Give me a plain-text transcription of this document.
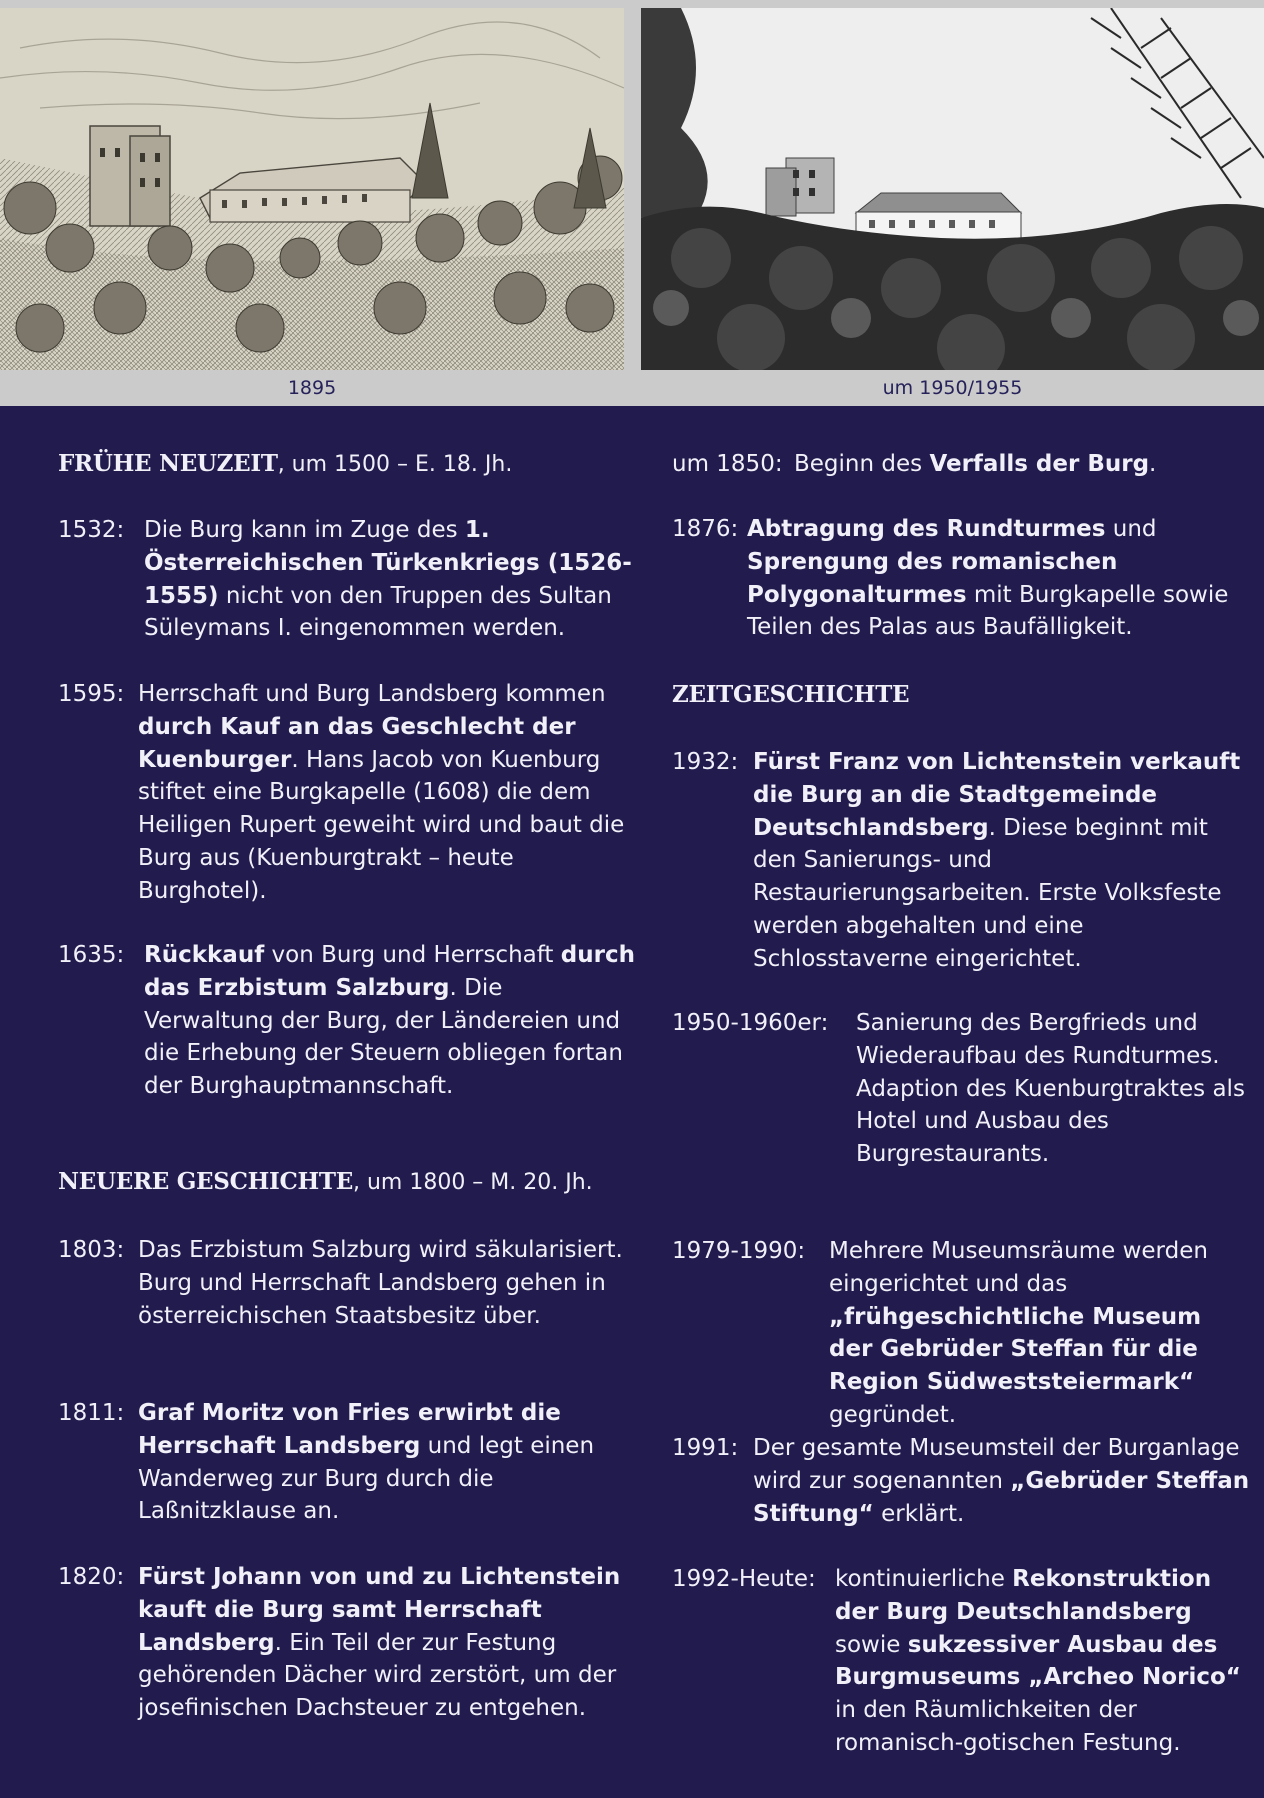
1895	um 1950/1955
FRÜHE NEUZEIT, um 1500 – E. 18. Jh.
1532: Die Burg kann im Zuge des 1. Österreichischen Türkenkriegs (1526-1555) nicht von den Truppen des Sultan Süleymans I. eingenommen werden.
1595: Herrschaft und Burg Landsberg kommen durch Kauf an das Geschlecht der Kuenburger. Hans Jacob von Kuenburg stiftet eine Burgkapelle (1608) die dem Heiligen Rupert geweiht wird und baut die Burg aus (Kuenburgtrakt – heute Burghotel).
1635: Rückkauf von Burg und Herrschaft durch das Erzbistum Salzburg. Die Verwaltung der Burg, der Ländereien und die Erhebung der Steuern obliegen fortan der Burghauptmannschaft.
NEUERE GESCHICHTE, um 1800 – M. 20. Jh.
1803: Das Erzbistum Salzburg wird säkularisiert. Burg und Herrschaft Landsberg gehen in österreichischen Staatsbesitz über.
1811: Graf Moritz von Fries erwirbt die Herrschaft Landsberg und legt einen Wanderweg zur Burg durch die Laßnitzklause an.
1820: Fürst Johann von und zu Lichtenstein kauft die Burg samt Herrschaft Landsberg. Ein Teil der zur Festung gehörenden Dächer wird zerstört, um der josefinischen Dachsteuer zu entgehen.
um 1850: Beginn des Verfalls der Burg.
1876: Abtragung des Rundturmes und Sprengung des romanischen Polygonalturmes mit Burgkapelle sowie Teilen des Palas aus Baufälligkeit.
ZEITGESCHICHTE
1932: Fürst Franz von Lichtenstein verkauft die Burg an die Stadtgemeinde Deutschlandsberg. Diese beginnt mit den Sanierungs- und Restaurierungsarbeiten. Erste Volksfeste werden abgehalten und eine Schlosstaverne eingerichtet.
1950-1960er:	Sanierung des Bergfrieds und Wiederaufbau des Rundturmes. Adaption des Kuenburgtraktes als Hotel und Ausbau des Burgrestaurants.
1979-1990:	Mehrere Museumsräume werden eingerichtet und das „frühgeschichtliche Museum der Gebrüder Steffan für die Region Südweststeiermark“ gegründet.
1991: Der gesamte Museumsteil der Burganlage wird zur sogenannten „Gebrüder Steffan Stiftung“ erklärt.
1992-Heute: kontinuierliche Rekonstruktion der Burg Deutschlandsberg sowie sukzessiver Ausbau des Burgmuseums „Archeo Norico“ in den Räumlichkeiten der romanisch-gotischen Festung.
